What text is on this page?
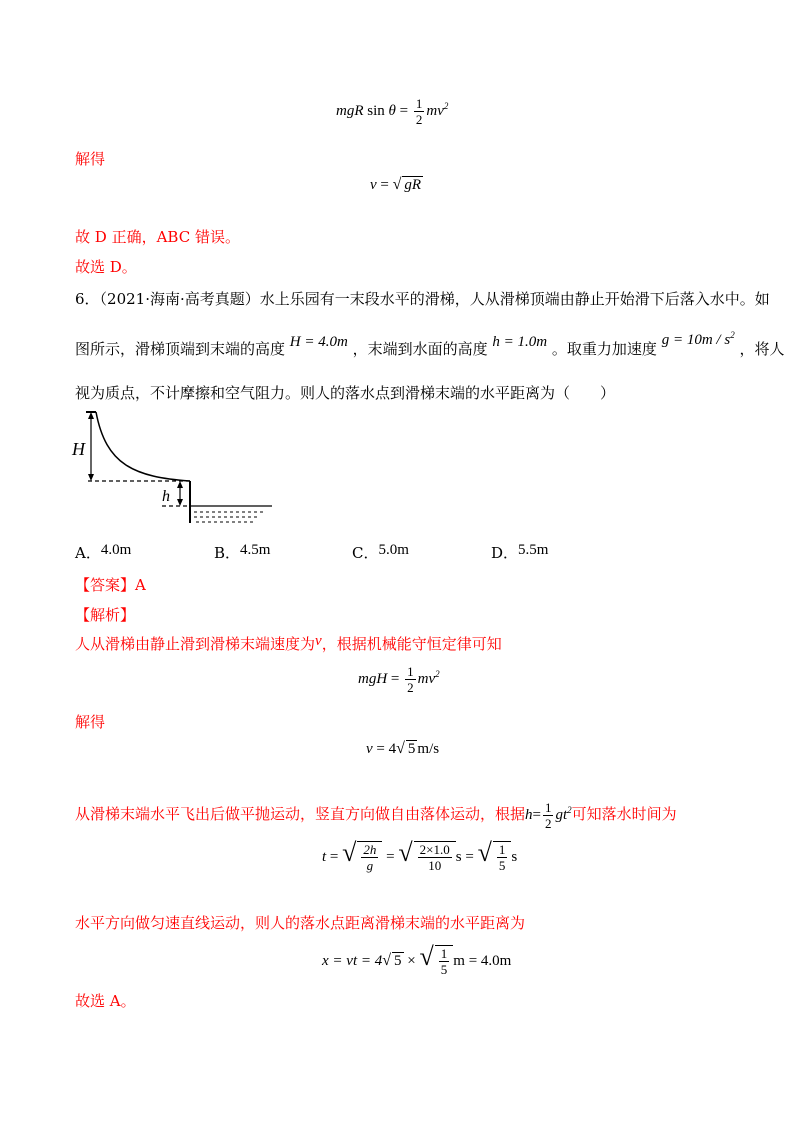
mgR $\sin \theta = \frac{1}{2} mv^2$
解得
v = √ gR
故 D 正确，ABC 错误。
故选 D。
6．（2021·海南·高考真题）水上乐园有一末段水平的滑梯，人从滑梯顶端由静止开始滑下后落入水中。如
图所示，滑梯顶端到末端的高度 H = 4.0m ，末端到水面的高度 h = 1.0m 。取重力加速度 $g = 10m / s^2$ ，将人
视为质点，不计摩擦和空气阻力。则人的落水点到滑梯末端的水平距离为（　　）
H
h
A．4.0m	B．4.5m	C．5.0m	D．5.5m
【答案】A
【解析】
人从滑梯由静止滑到滑梯末端速度为v，根据机械能守恒定律可知
mgH = $\frac{1}{2} mv^2$
解得
v = 4√ 5 m/s
从滑梯末端水平飞出后做平抛运动，竖直方向做自由落体运动，根据$h= \frac{1}{2} gt^2$可知落水时间为
t = √ $\frac{2h}{g}$ = √ $\frac{2\times 1.0}{10}$ s = √ $\frac{1}{5}$ s
水平方向做匀速直线运动，则人的落水点距离滑梯末端的水平距离为
x = vt = 4√ 5 × √ $\frac{1}{5}$ m = 4.0m
故选 A。
